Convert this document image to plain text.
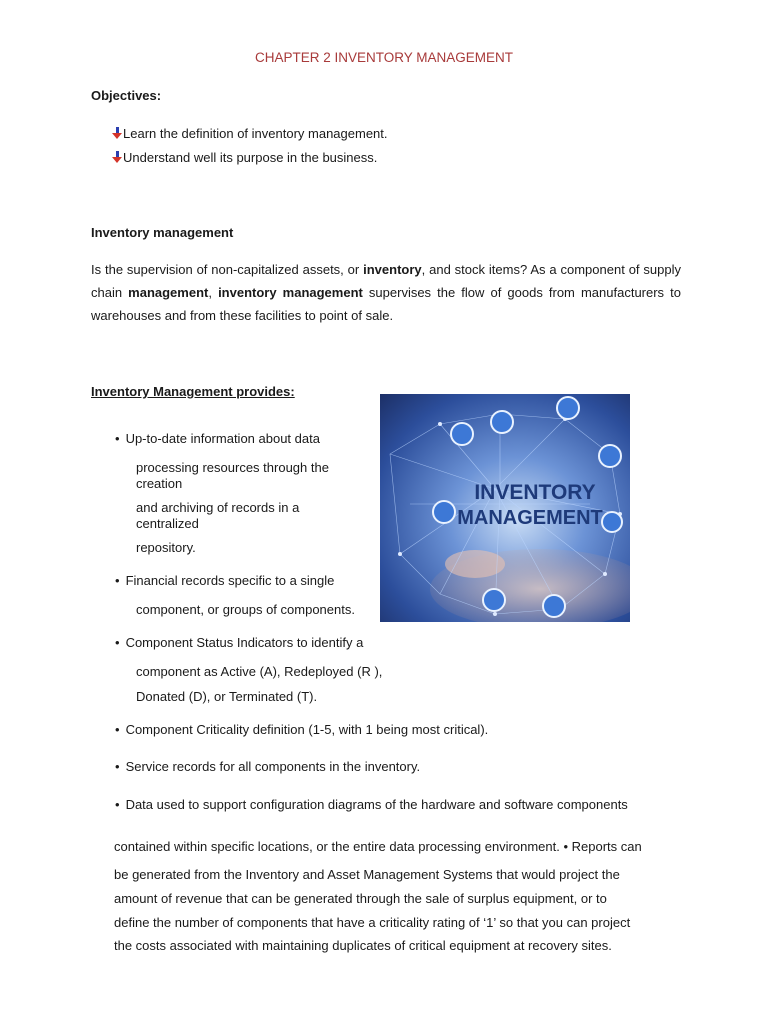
CHAPTER 2 INVENTORY MANAGEMENT
Objectives:
Learn the definition of inventory management.
Understand well its purpose in the business.
Inventory management

Is the supervision of non-capitalized assets, or inventory, and stock items? As a component of supply chain management, inventory management supervises the flow of goods from manufacturers to warehouses and from these facilities to point of sale.

Inventory Management provides:
INVENTORY
MANAGEMENT
• Up-to-date information about data
processing resources through the
creation
and archiving of records in a
centralized
repository.
• Financial records specific to a single
component, or groups of components.
• Component Status Indicators to identify a
component as Active (A), Redeployed (R ),
Donated (D), or Terminated (T).
• Component Criticality definition (1-5, with 1 being most critical).
• Service records for all components in the inventory.
• Data used to support configuration diagrams of the hardware and software components
contained within specific locations, or the entire data processing environment. • Reports can
be generated from the Inventory and Asset Management Systems that would project the
amount of revenue that can be generated through the sale of surplus equipment, or to
define the number of components that have a criticality rating of ‘1’ so that you can project
the costs associated with maintaining duplicates of critical equipment at recovery sites.
